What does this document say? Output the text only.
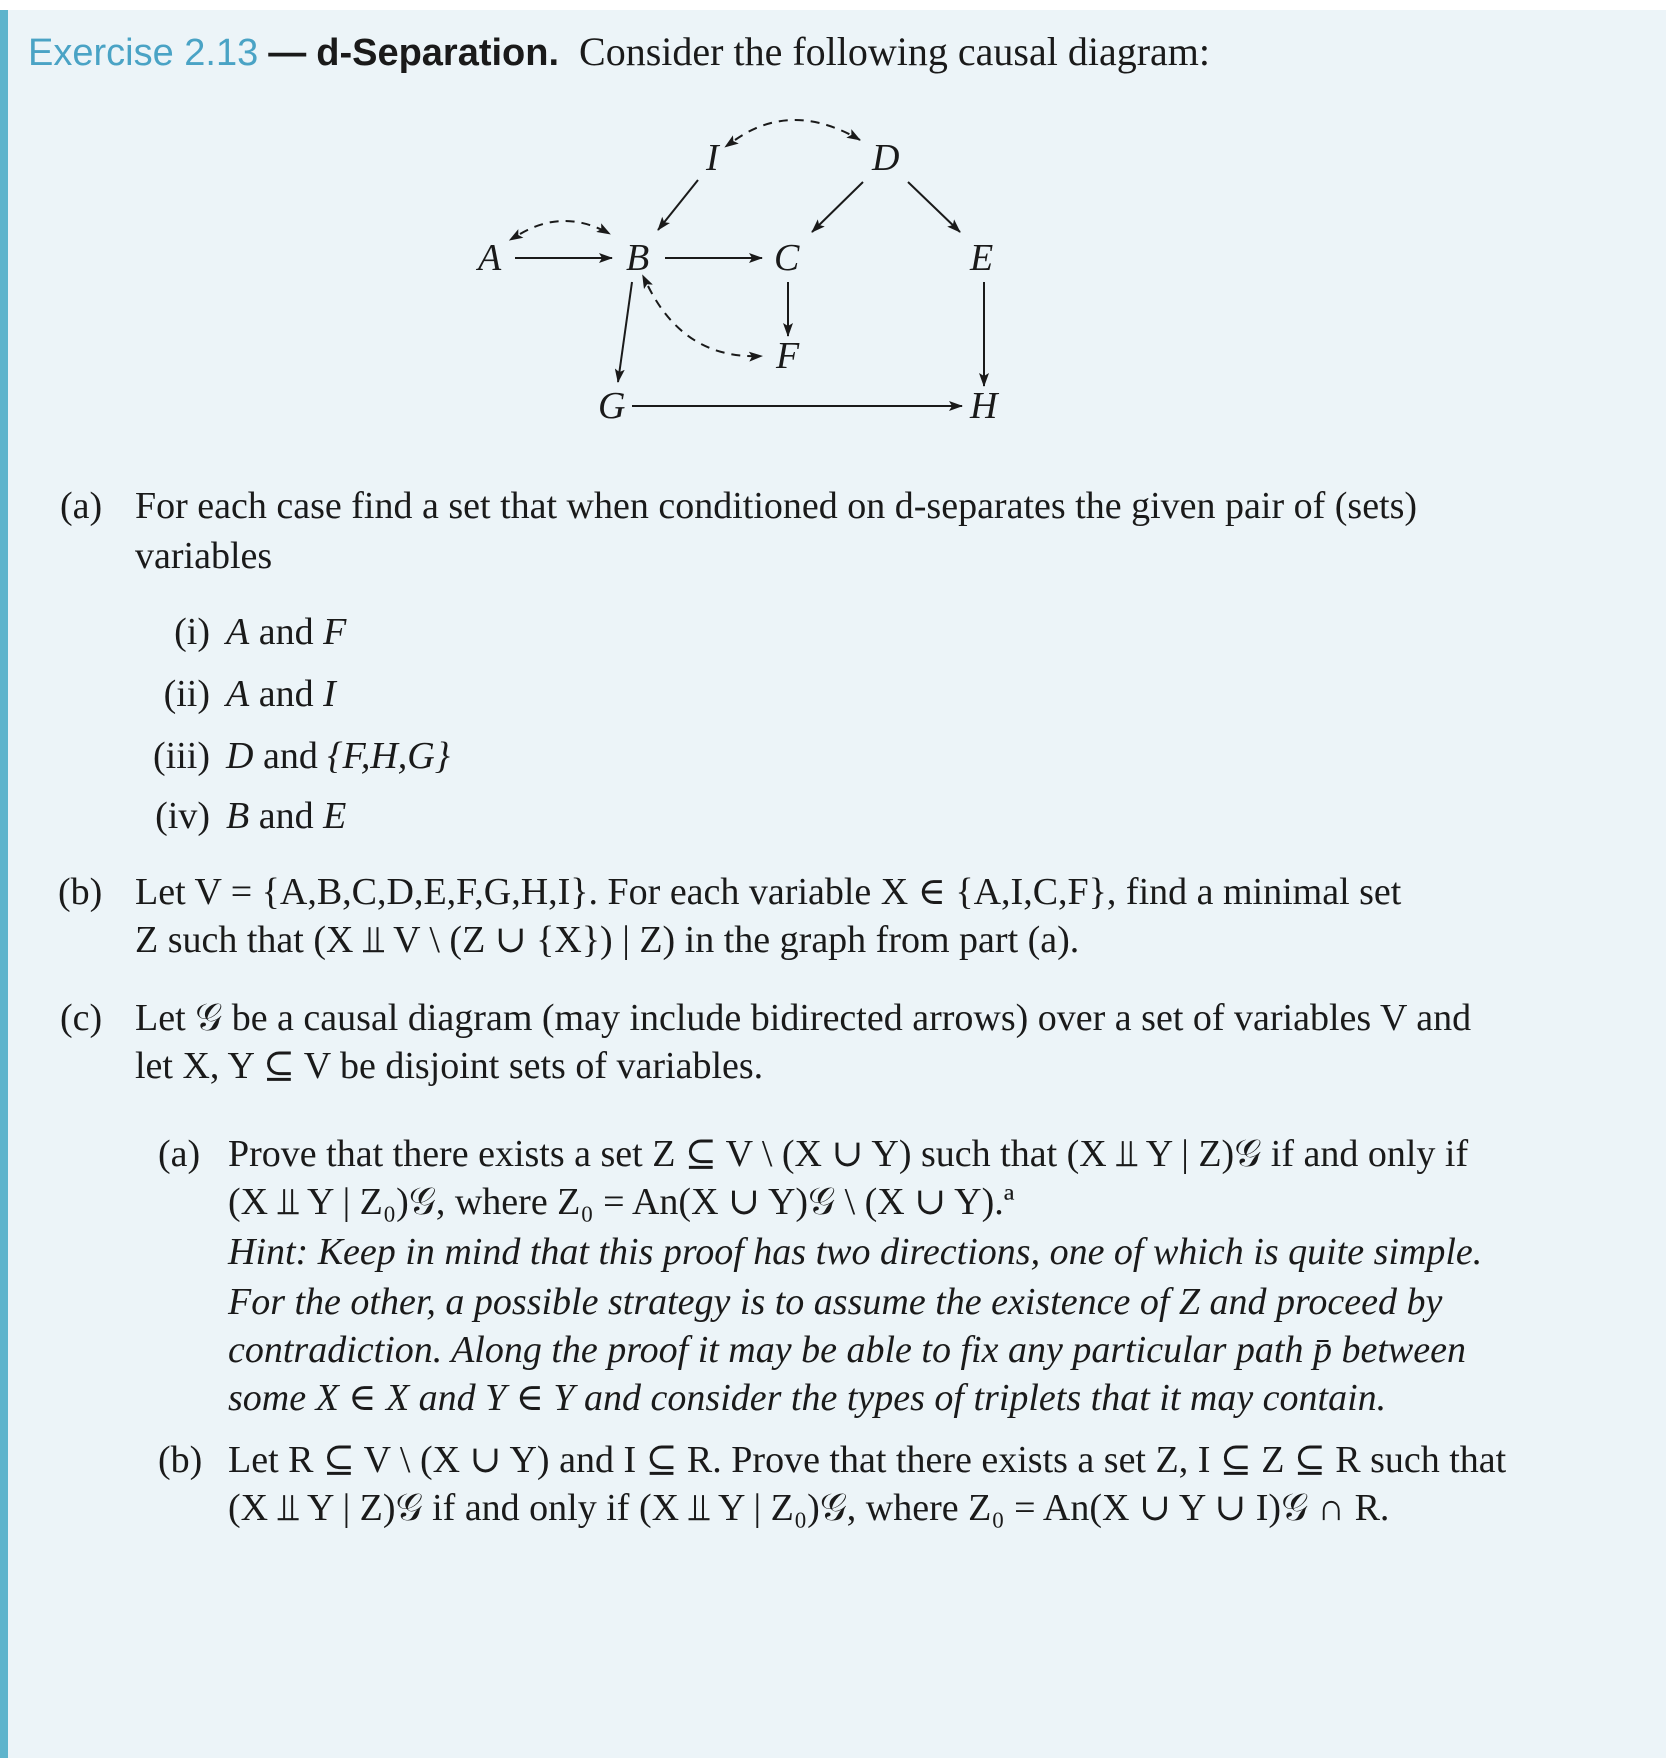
Exercise 2.13 — d-Separation. Consider the following causal diagram:
A	B	C
D
E
F
G	H
I
(a) For each case find a set that when conditioned on d-separates the given pair of (sets)
variables
(i) A and F
(ii) A and I
(iii) D and {F,H,G}
(iv) B and E
(b) Let V = {A,B,C,D,E,F,G,H,I}. For each variable X ∈ {A,I,C,F}, find a minimal set
Z such that (X ⫫ V \ (Z ∪ {X}) | Z) in the graph from part (a).
(c) Let 𝒢 be a causal diagram (may include bidirected arrows) over a set of variables V and
let X, Y ⊆ V be disjoint sets of variables.
(a) Prove that there exists a set Z ⊆ V \ (X ∪ Y) such that (X ⫫ Y | Z)𝒢 if and only if
(X ⫫ Y | Z₀)𝒢, where Z₀ = An(X ∪ Y)𝒢 \ (X ∪ Y).ª
Hint: Keep in mind that this proof has two directions, one of which is quite simple.
For the other, a possible strategy is to assume the existence of Z and proceed by
contradiction. Along the proof it may be able to fix any particular path p̄ between
some X ∈ X and Y ∈ Y and consider the types of triplets that it may contain.
(b) Let R ⊆ V \ (X ∪ Y) and I ⊆ R. Prove that there exists a set Z, I ⊆ Z ⊆ R such that
(X ⫫ Y | Z)𝒢 if and only if (X ⫫ Y | Z₀)𝒢, where Z₀ = An(X ∪ Y ∪ I)𝒢 ∩ R.
